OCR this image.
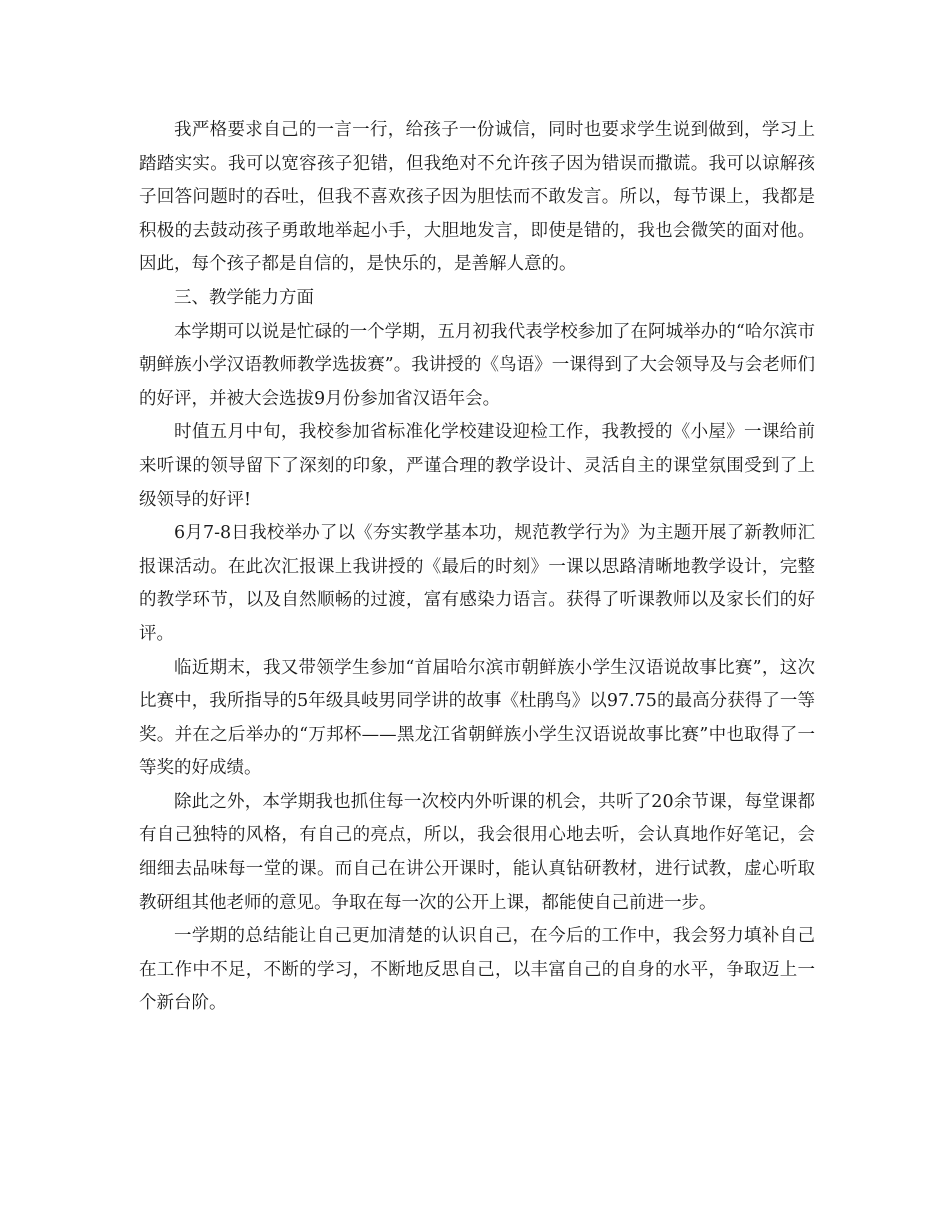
我严格要求自己的一言一行，给孩子一份诚信，同时也要求学生说到做到，学习上踏踏实实。我可以宽容孩子犯错，但我绝对不允许孩子因为错误而撒谎。我可以谅解孩子回答问题时的吞吐，但我不喜欢孩子因为胆怯而不敢发言。所以，每节课上，我都是积极的去鼓动孩子勇敢地举起小手，大胆地发言，即使是错的，我也会微笑的面对他。因此，每个孩子都是自信的，是快乐的，是善解人意的。

三、教学能力方面

本学期可以说是忙碌的一个学期，五月初我代表学校参加了在阿城举办的“哈尔滨市朝鲜族小学汉语教师教学选拔赛”。我讲授的《鸟语》一课得到了大会领导及与会老师们的好评，并被大会选拔9月份参加省汉语年会。

时值五月中旬，我校参加省标准化学校建设迎检工作，我教授的《小屋》一课给前来听课的领导留下了深刻的印象，严谨合理的教学设计、灵活自主的课堂氛围受到了上级领导的好评!

6月7-8日我校举办了以《夯实教学基本功，规范教学行为》为主题开展了新教师汇报课活动。在此次汇报课上我讲授的《最后的时刻》一课以思路清晰地教学设计，完整的教学环节，以及自然顺畅的过渡，富有感染力语言。获得了听课教师以及家长们的好评。

临近期末，我又带领学生参加“首届哈尔滨市朝鲜族小学生汉语说故事比赛”，这次比赛中，我所指导的5年级具岐男同学讲的故事《杜鹃鸟》以97.75的最高分获得了一等奖。并在之后举办的“万邦杯——黑龙江省朝鲜族小学生汉语说故事比赛”中也取得了一等奖的好成绩。

除此之外，本学期我也抓住每一次校内外听课的机会，共听了20余节课，每堂课都有自己独特的风格，有自己的亮点，所以，我会很用心地去听，会认真地作好笔记，会细细去品味每一堂的课。而自己在讲公开课时，能认真钻研教材，进行试教，虚心听取教研组其他老师的意见。争取在每一次的公开上课，都能使自己前进一步。

一学期的总结能让自己更加清楚的认识自己，在今后的工作中，我会努力填补自己在工作中不足，不断的学习，不断地反思自己，以丰富自己的自身的水平，争取迈上一个新台阶。
